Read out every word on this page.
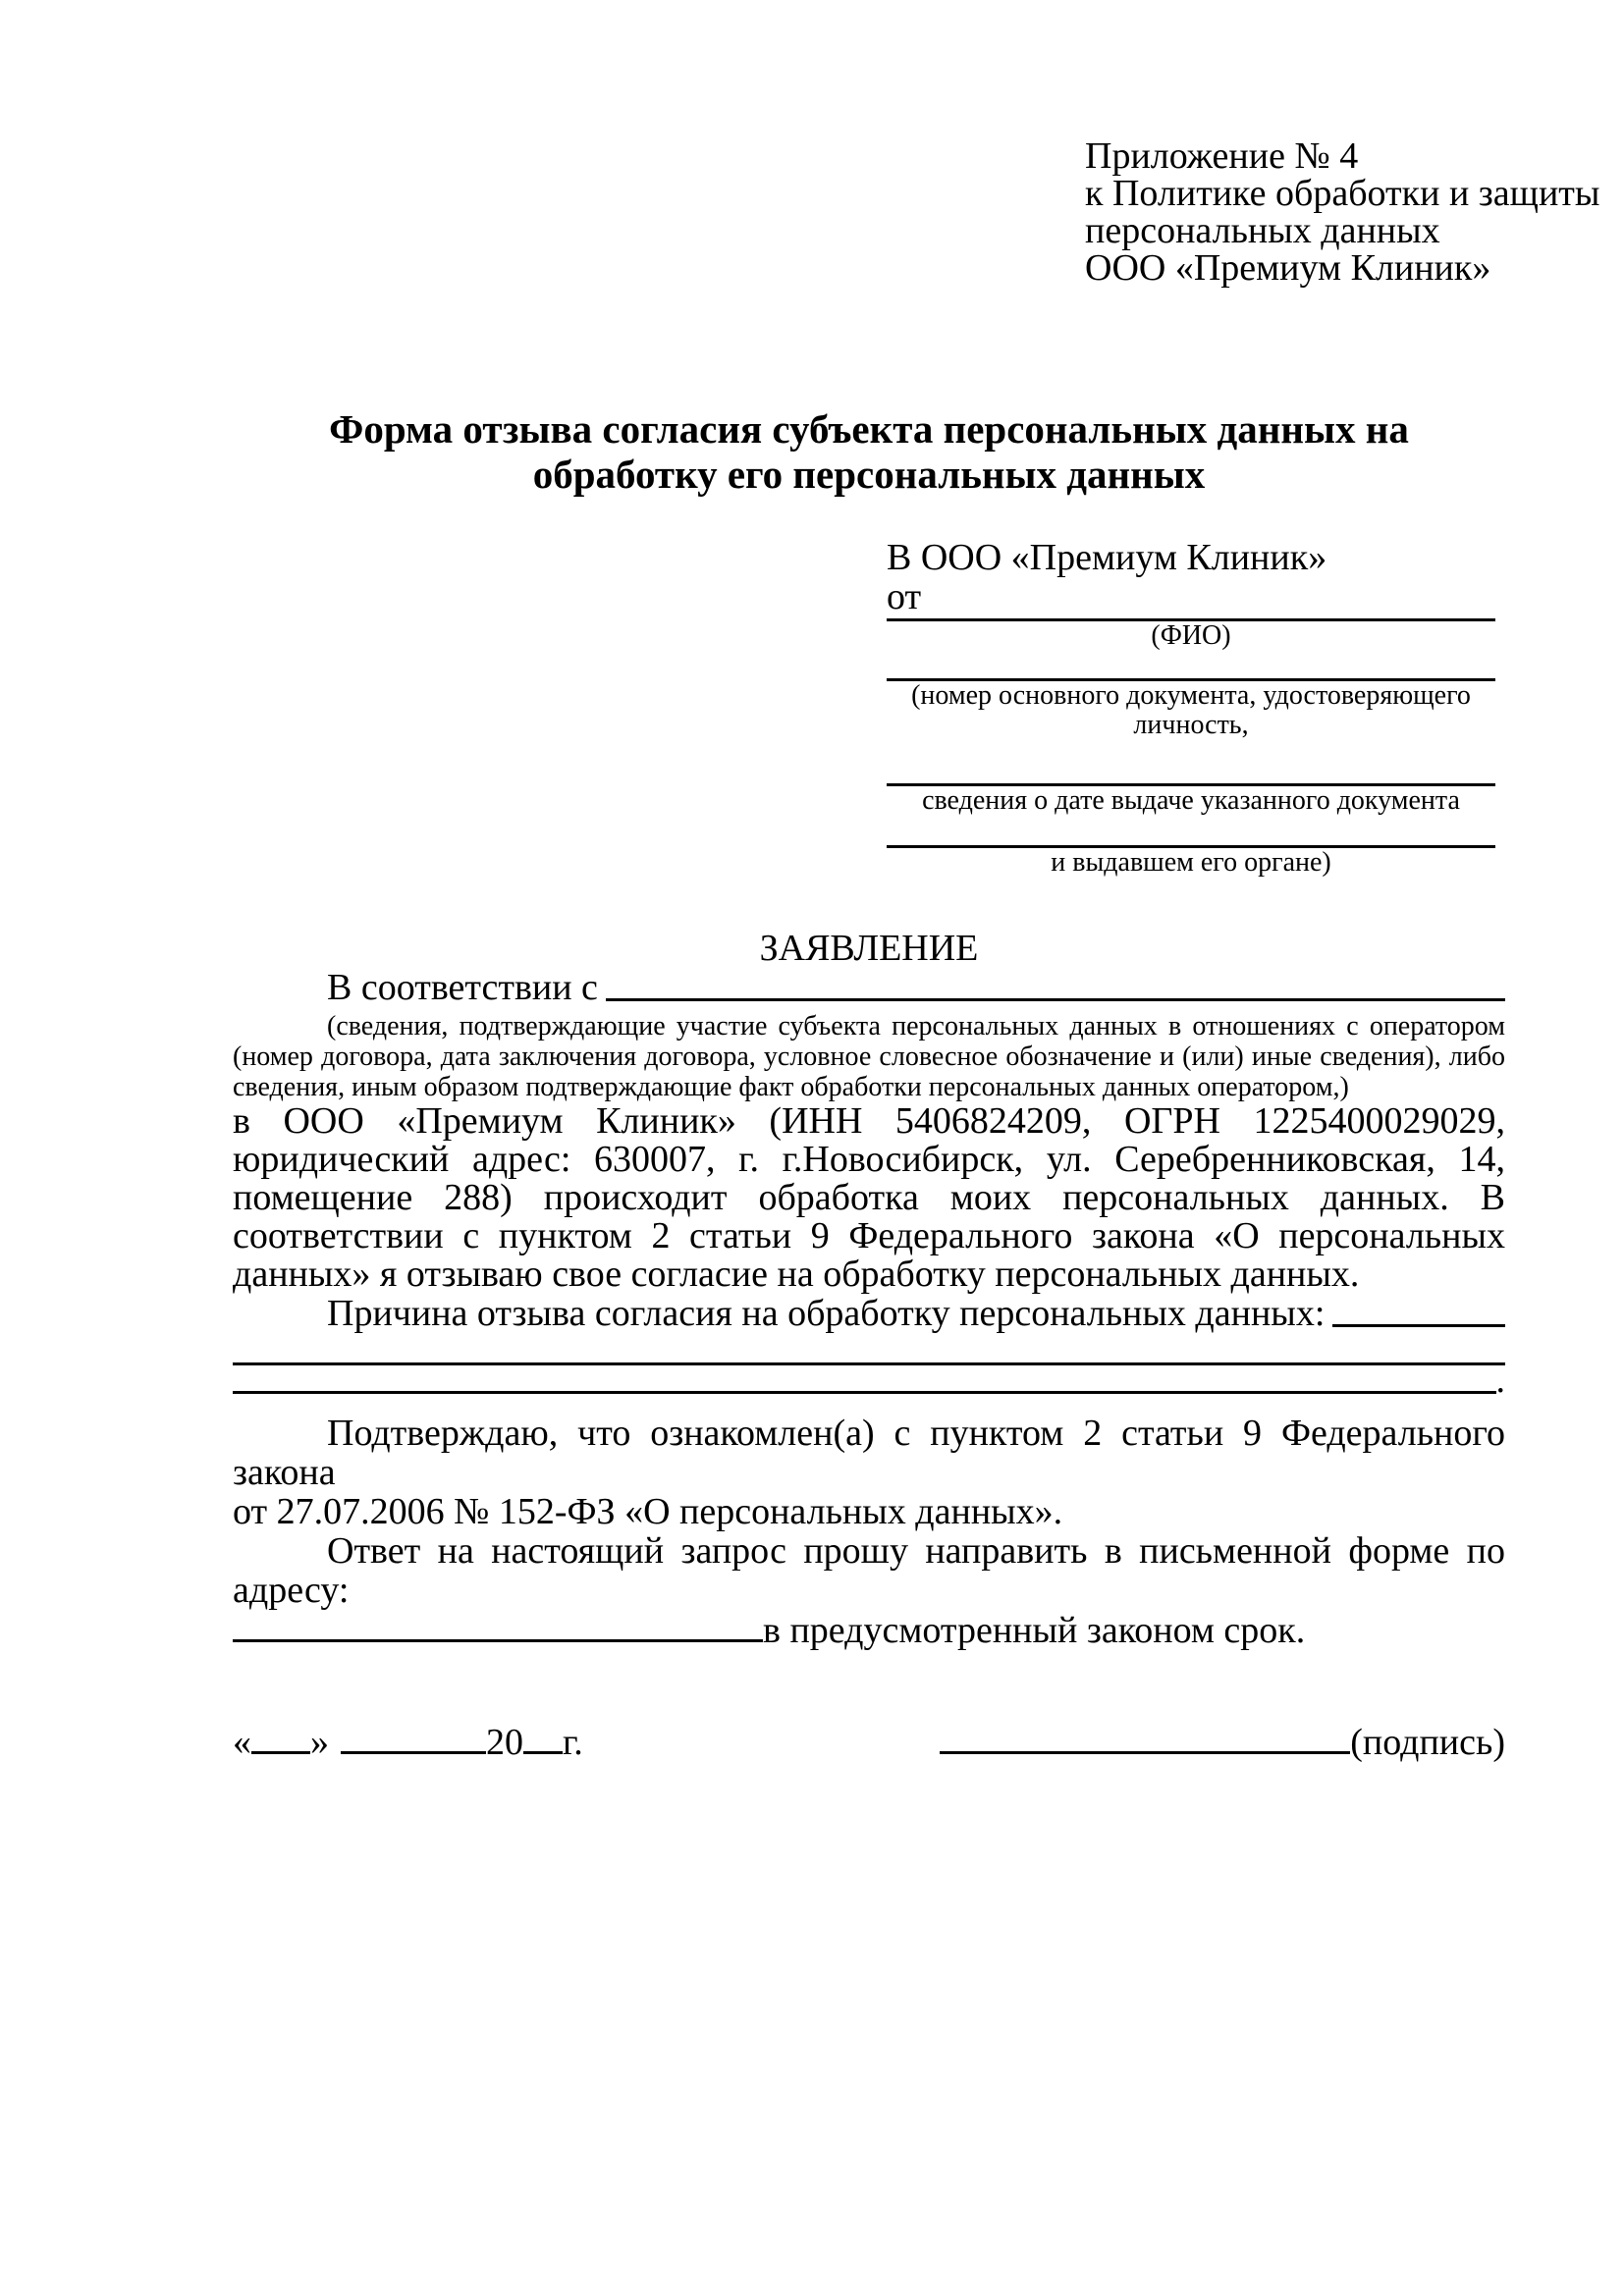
Приложение № 4
к Политике обработки и защиты
персональных данных
ООО «Премиум Клиник»
Форма отзыва согласия субъекта персональных данных на обработку его персональных данных
В ООО «Премиум Клиник»
от
(ФИО)
(номер основного документа, удостоверяющего личность,
сведения о дате выдаче указанного документа
и выдавшем его органе)
ЗАЯВЛЕНИЕ
В соответствии с
(сведения, подтверждающие участие субъекта персональных данных в отношениях с оператором (номер договора, дата заключения договора, условное словесное обозначение и (или) иные сведения), либо сведения, иным образом подтверждающие факт обработки персональных данных оператором,)
в ООО «Премиум Клиник» (ИНН 5406824209, ОГРН 1225400029029, юридический адрес: 630007, г. г.Новосибирск, ул. Серебренниковская, 14, помещение 288) происходит обработка моих персональных данных. В соответствии с пунктом 2 статьи 9 Федерального закона «О персональных данных» я отзываю свое согласие на обработку персональных данных.
Причина отзыва согласия на обработку персональных данных:
.
Подтверждаю, что ознакомлен(а) с пунктом 2 статьи 9 Федерального закона
от 27.07.2006 № 152-ФЗ «О персональных данных».
Ответ на настоящий запрос прошу направить в письменной форме по адресу:
в предусмотренный законом срок.
« »	20 г.	(подпись)
